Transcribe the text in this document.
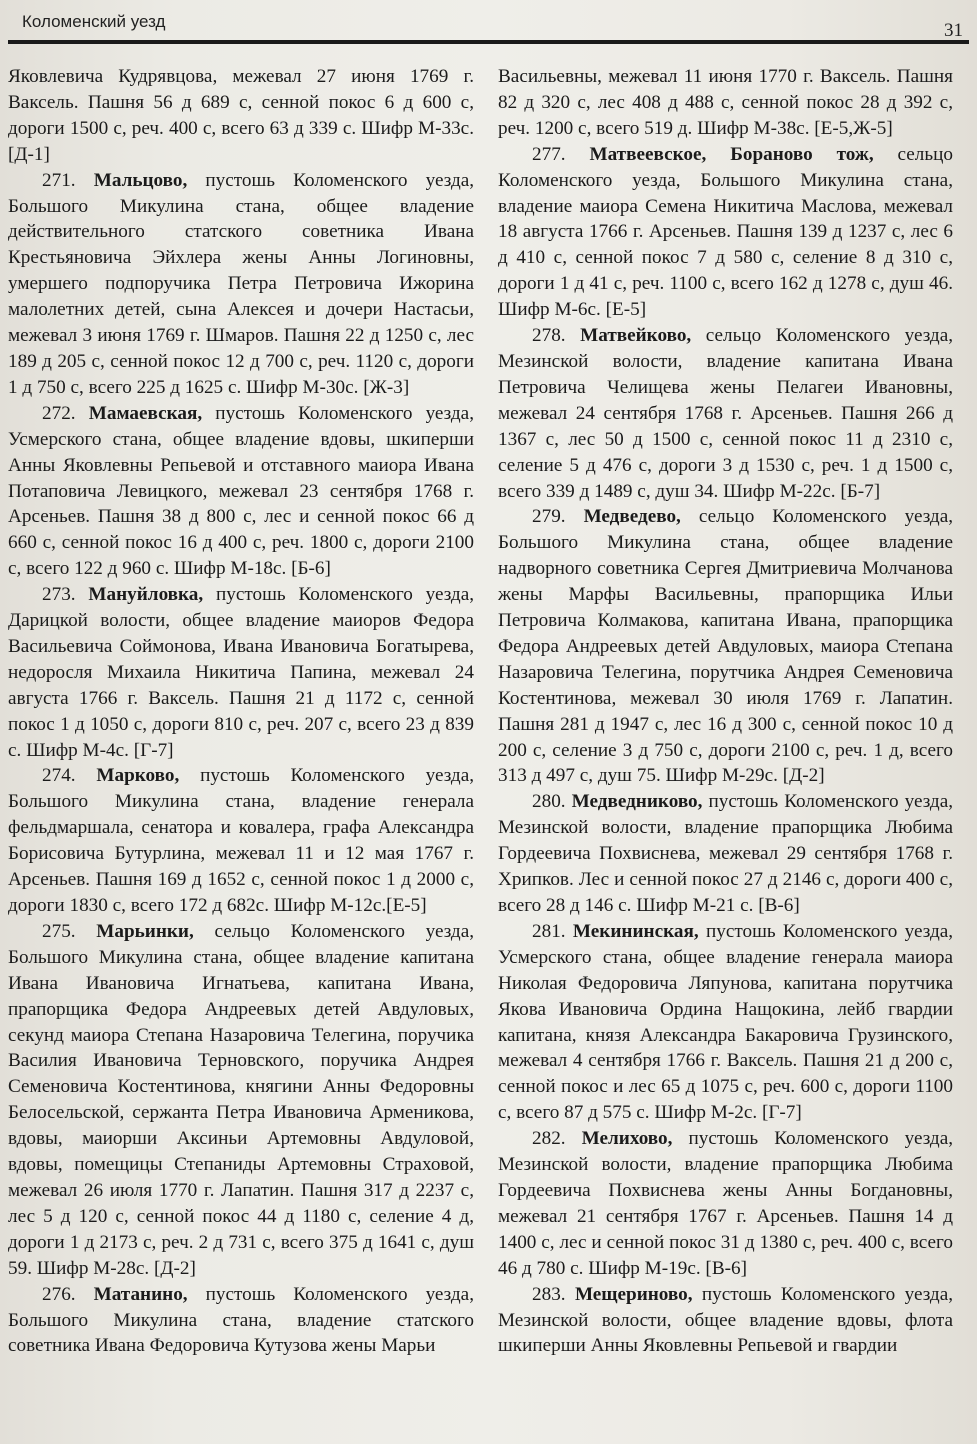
Коломенский уезд	31

Яковлевича Кудрявцова, межевал 27 июня 1769 г. Ваксель. Пашня 56 д 689 с, сенной покос 6 д 600 с, дороги 1500 с, реч. 400 с, всего 63 д 339 с. Шифр М-33с. [Д-1]

271. Мальцово, пустошь Коломенского уезда, Большого Микулина стана, общее владение действительного статского советника Ивана Крестьяновича Эйхлера жены Анны Логиновны, умершего подпоручика Петра Петровича Ижорина малолетних детей, сына Алексея и дочери Настасьи, межевал 3 июня 1769 г. Шмаров. Пашня 22 д 1250 с, лес 189 д 205 с, сенной покос 12 д 700 с, реч. 1120 с, дороги 1 д 750 с, всего 225 д 1625 с. Шифр М-30с. [Ж-3]

272. Мамаевская, пустошь Коломенского уезда, Усмерского стана, общее владение вдовы, шкиперши Анны Яковлевны Репьевой и отставного маиора Ивана Потаповича Левицкого, межевал 23 сентября 1768 г. Арсеньев. Пашня 38 д 800 с, лес и сенной покос 66 д 660 с, сенной покос 16 д 400 с, реч. 1800 с, дороги 2100 с, всего 122 д 960 с. Шифр М-18с. [Б-6]

273. Мануйловка, пустошь Коломенского уезда, Дарицкой волости, общее владение маиоров Федора Васильевича Соймонова, Ивана Ивановича Богатырева, недоросля Михаила Никитича Папина, межевал 24 августа 1766 г. Ваксель. Пашня 21 д 1172 с, сенной покос 1 д 1050 с, дороги 810 с, реч. 207 с, всего 23 д 839 с. Шифр М-4с. [Г-7]

274. Марково, пустошь Коломенского уезда, Большого Микулина стана, владение генерала фельдмаршала, сенатора и ковалера, графа Александра Борисовича Бутурлина, межевал 11 и 12 мая 1767 г. Арсеньев. Пашня 169 д 1652 с, сенной покос 1 д 2000 с, дороги 1830 с, всего 172 д 682с. Шифр М-12с.[Е-5]

275. Марьинки, сельцо Коломенского уезда, Большого Микулина стана, общее владение капитана Ивана Ивановича Игнатьева, капитана Ивана, прапорщика Федора Андреевых детей Авдуловых, секунд маиора Степана Назаровича Телегина, поручика Василия Ивановича Терновского, поручика Андрея Семеновича Костентинова, княгини Анны Федоровны Белосельской, сержанта Петра Ивановича Арменикова, вдовы, маиорши Аксиньи Артемовны Авдуловой, вдовы, помещицы Степаниды Артемовны Страховой, межевал 26 июля 1770 г. Лапатин. Пашня 317 д 2237 с, лес 5 д 120 с, сенной покос 44 д 1180 с, селение 4 д, дороги 1 д 2173 с, реч. 2 д 731 с, всего 375 д 1641 с, душ 59. Шифр М-28с. [Д-2]

276. Матанино, пустошь Коломенского уезда, Большого Микулина стана, владение статского советника Ивана Федоровича Кутузова жены Марьи

Васильевны, межевал 11 июня 1770 г. Ваксель. Пашня 82 д 320 с, лес 408 д 488 с, сенной покос 28 д 392 с, реч. 1200 с, всего 519 д. Шифр М-38с. [Е-5,Ж-5]

277. Матвеевское, Бораново тож, сельцо Коломенского уезда, Большого Микулина стана, владение маиора Семена Никитича Маслова, межевал 18 августа 1766 г. Арсеньев. Пашня 139 д 1237 с, лес 6 д 410 с, сенной покос 7 д 580 с, селение 8 д 310 с, дороги 1 д 41 с, реч. 1100 с, всего 162 д 1278 с, душ 46. Шифр М-6с. [Е-5]

278. Матвейково, сельцо Коломенского уезда, Мезинской волости, владение капитана Ивана Петровича Челищева жены Пелагеи Ивановны, межевал 24 сентября 1768 г. Арсеньев. Пашня 266 д 1367 с, лес 50 д 1500 с, сенной покос 11 д 2310 с, селение 5 д 476 с, дороги 3 д 1530 с, реч. 1 д 1500 с, всего 339 д 1489 с, душ 34. Шифр М-22с. [Б-7]

279. Медведево, сельцо Коломенского уезда, Большого Микулина стана, общее владение надворного советника Сергея Дмитриевича Молчанова жены Марфы Васильевны, прапорщика Ильи Петровича Колмакова, капитана Ивана, прапорщика Федора Андреевых детей Авдуловых, маиора Степана Назаровича Телегина, порутчика Андрея Семеновича Костентинова, межевал 30 июля 1769 г. Лапатин. Пашня 281 д 1947 с, лес 16 д 300 с, сенной покос 10 д 200 с, селение 3 д 750 с, дороги 2100 с, реч. 1 д, всего 313 д 497 с, душ 75. Шифр М-29с. [Д-2]

280. Медведниково, пустошь Коломенского уезда, Мезинской волости, владение прапорщика Любима Гордеевича Похвиснева, межевал 29 сентября 1768 г. Хрипков. Лес и сенной покос 27 д 2146 с, дороги 400 с, всего 28 д 146 с. Шифр М-21 с. [В-6]

281. Мекининская, пустошь Коломенского уезда, Усмерского стана, общее владение генерала маиора Николая Федоровича Ляпунова, капитана порутчика Якова Ивановича Ордина Нащокина, лейб гвардии капитана, князя Александра Бакаровича Грузинского, межевал 4 сентября 1766 г. Ваксель. Пашня 21 д 200 с, сенной покос и лес 65 д 1075 с, реч. 600 с, дороги 1100 с, всего 87 д 575 с. Шифр М-2с. [Г-7]

282. Мелихово, пустошь Коломенского уезда, Мезинской волости, владение прапорщика Любима Гордеевича Похвиснева жены Анны Богдановны, межевал 21 сентября 1767 г. Арсеньев. Пашня 14 д 1400 с, лес и сенной покос 31 д 1380 с, реч. 400 с, всего 46 д 780 с. Шифр М-19с. [В-6]

283. Мещериново, пустошь Коломенского уезда, Мезинской волости, общее владение вдовы, флота шкиперши Анны Яковлевны Репьевой и гвардии
